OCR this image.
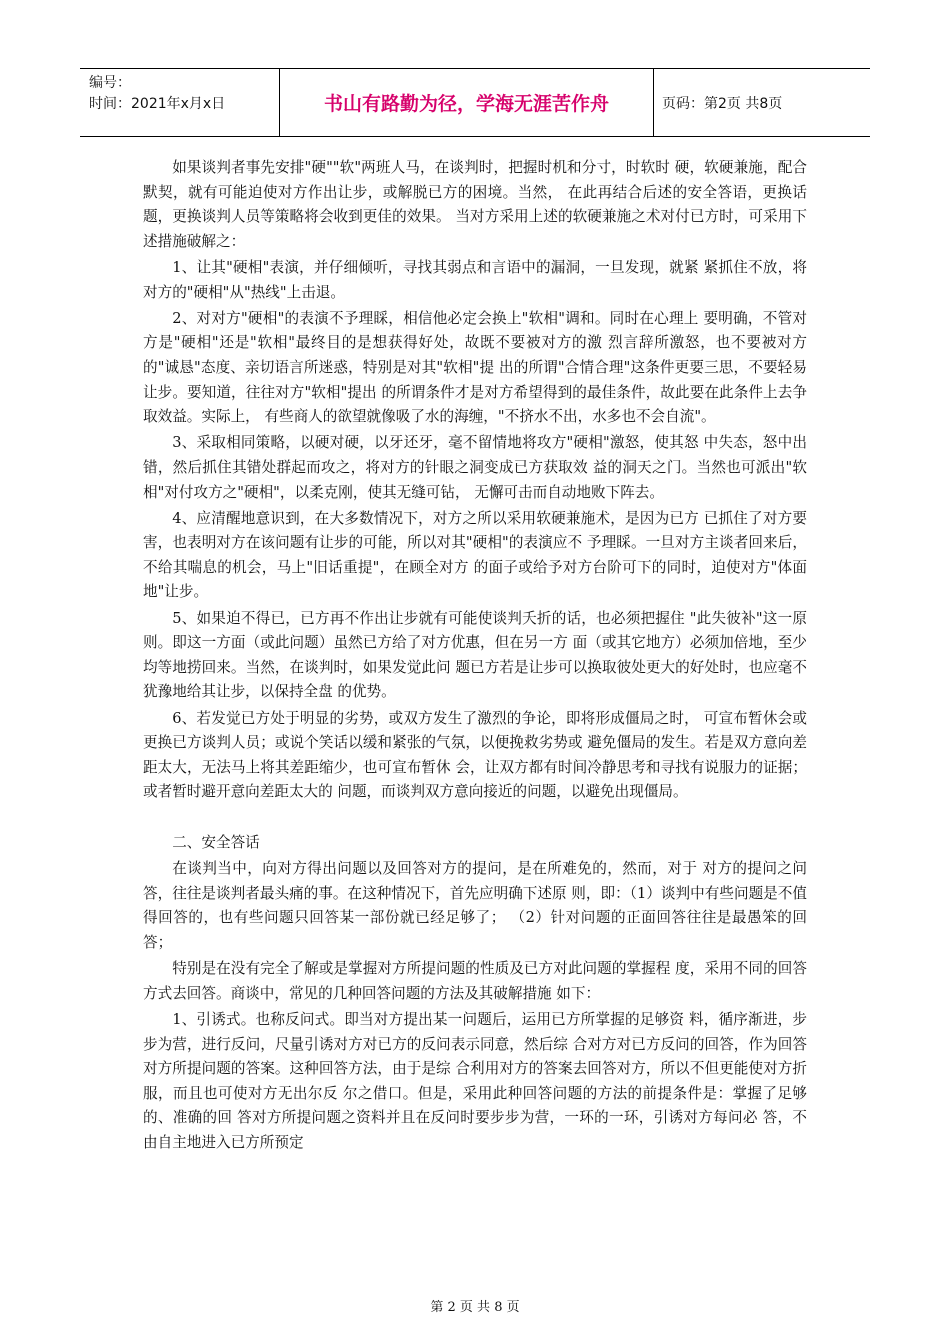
编号：
时间：2021年x月x日	书山有路勤为径，学海无涯苦作舟	页码：第2页 共8页

如果谈判者事先安排"硬""软"两班人马，在谈判时，把握时机和分寸，时软时 硬，软硬兼施，配合默契，就有可能迫使对方作出让步，或解脱已方的困境。当然， 在此再结合后述的安全答语，更换话题，更换谈判人员等策略将会收到更佳的效果。 当对方采用上述的软硬兼施之术对付已方时，可采用下述措施破解之：

1、让其"硬相"表演，并仔细倾听，寻找其弱点和言语中的漏洞，一旦发现，就紧 紧抓住不放，将对方的"硬相"从"热线"上击退。

2、对对方"硬相"的表演不予理睬，相信他必定会换上"软相"调和。同时在心理上 要明确，不管对方是"硬相"还是"软相"最终目的是想获得好处，故既不要被对方的激 烈言辞所激怒，也不要被对方的"诚恳"态度、亲切语言所迷惑，特别是对其"软相"提 出的所谓"合情合理"这条件更要三思，不要轻易让步。要知道，往往对方"软相"提出 的所谓条件才是对方希望得到的最佳条件，故此要在此条件上去争取效益。实际上， 有些商人的欲望就像吸了水的海缠，"不挤水不出，水多也不会自流"。

3、采取相同策略，以硬对硬，以牙还牙，毫不留情地将攻方"硬相"激怒，使其怒 中失态，怒中出错，然后抓住其错处群起而攻之，将对方的针眼之洞变成已方获取效 益的洞天之门。当然也可派出"软相"对付攻方之"硬相"，以柔克刚，使其无缝可钻， 无懈可击而自动地败下阵去。

4、应清醒地意识到，在大多数情况下，对方之所以采用软硬兼施术，是因为已方 已抓住了对方要害，也表明对方在该问题有让步的可能，所以对其"硬相"的表演应不 予理睬。一旦对方主谈者回来后，不给其喘息的机会，马上"旧话重提"，在顾全对方 的面子或给予对方台阶可下的同时，迫使对方"体面地"让步。

5、如果迫不得已，已方再不作出让步就有可能使谈判夭折的话，也必须把握住 "此失彼补"这一原则。即这一方面（或此问题）虽然已方给了对方优惠，但在另一方 面（或其它地方）必须加倍地，至少均等地捞回来。当然，在谈判时，如果发觉此问 题已方若是让步可以换取彼处更大的好处时，也应毫不犹豫地给其让步，以保持全盘 的优势。

6、若发觉已方处于明显的劣势，或双方发生了激烈的争论，即将形成僵局之时， 可宣布暂休会或更换已方谈判人员；或说个笑话以缓和紧张的气氛，以便挽救劣势或 避免僵局的发生。若是双方意向差距太大，无法马上将其差距缩少，也可宣布暂休 会，让双方都有时间冷静思考和寻找有说服力的证据；或者暂时避开意向差距太大的 问题，而谈判双方意向接近的问题，以避免出现僵局。

二、安全答话

在谈判当中，向对方得出问题以及回答对方的提问，是在所难免的，然而，对于 对方的提问之问答，往往是谈判者最头痛的事。在这种情况下，首先应明确下述原 则，即：（1）谈判中有些问题是不值得回答的，也有些问题只回答某一部份就已经足够了； （2）针对问题的正面回答往往是最愚笨的回答；

特别是在没有完全了解或是掌握对方所提问题的性质及已方对此问题的掌握程 度，采用不同的回答方式去回答。商谈中，常见的几种回答问题的方法及其破解措施 如下：

1、引诱式。也称反问式。即当对方提出某一问题后，运用已方所掌握的足够资 料，循序渐进，步步为营，进行反问，尺量引诱对方对已方的反问表示同意，然后综 合对方对已方反问的回答，作为回答对方所提问题的答案。这种回答方法，由于是综 合利用对方的答案去回答对方，所以不但更能使对方折服，而且也可使对方无出尔反 尔之借口。但是，采用此种回答问题的方法的前提条件是：掌握了足够的、准确的回 答对方所提问题之资料并且在反问时要步步为营，一环的一环，引诱对方每问必 答，不由自主地进入已方所预定

第 2 页 共 8 页
